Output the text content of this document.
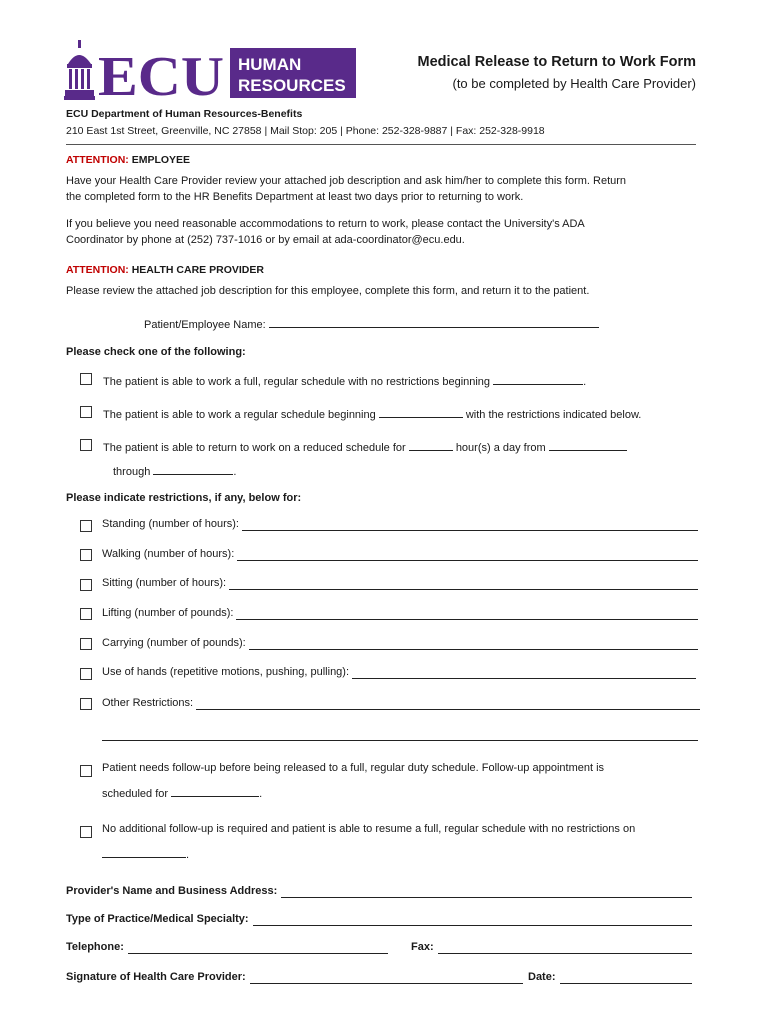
ECU HUMAN
RESOURCES
Medical Release to Return to Work Form
(to be completed by Health Care Provider)
ECU Department of Human Resources-Benefits
210 East 1st Street, Greenville, NC 27858 | Mail Stop: 205 | Phone: 252-328-9887 | Fax: 252-328-9918
ATTENTION: EMPLOYEE
Have your Health Care Provider review your attached job description and ask him/her to complete this form. Return
the completed form to the HR Benefits Department at least two days prior to returning to work.
If you believe you need reasonable accommodations to return to work, please contact the University's ADA
Coordinator by phone at (252) 737-1016 or by email at ada-coordinator@ecu.edu.
ATTENTION: HEALTH CARE PROVIDER
Please review the attached job description for this employee, complete this form, and return it to the patient.
Patient/Employee Name:
Please check one of the following:
The patient is able to work a full, regular schedule with no restrictions beginning	.
The patient is able to work a regular schedule beginning	with the restrictions indicated below.
The patient is able to return to work on a reduced schedule for	hour(s) a day from
through	.
Please indicate restrictions, if any, below for:
Standing (number of hours):
Walking (number of hours):
Sitting (number of hours):
Lifting (number of pounds):
Carrying (number of pounds):
Use of hands (repetitive motions, pushing, pulling):
Other Restrictions:
Patient needs follow-up before being released to a full, regular duty schedule. Follow-up appointment is
scheduled for	.
No additional follow-up is required and patient is able to resume a full, regular schedule with no restrictions on
.
Provider's Name and Business Address:
Type of Practice/Medical Specialty:
Telephone:	Fax:
Signature of Health Care Provider:	Date:
